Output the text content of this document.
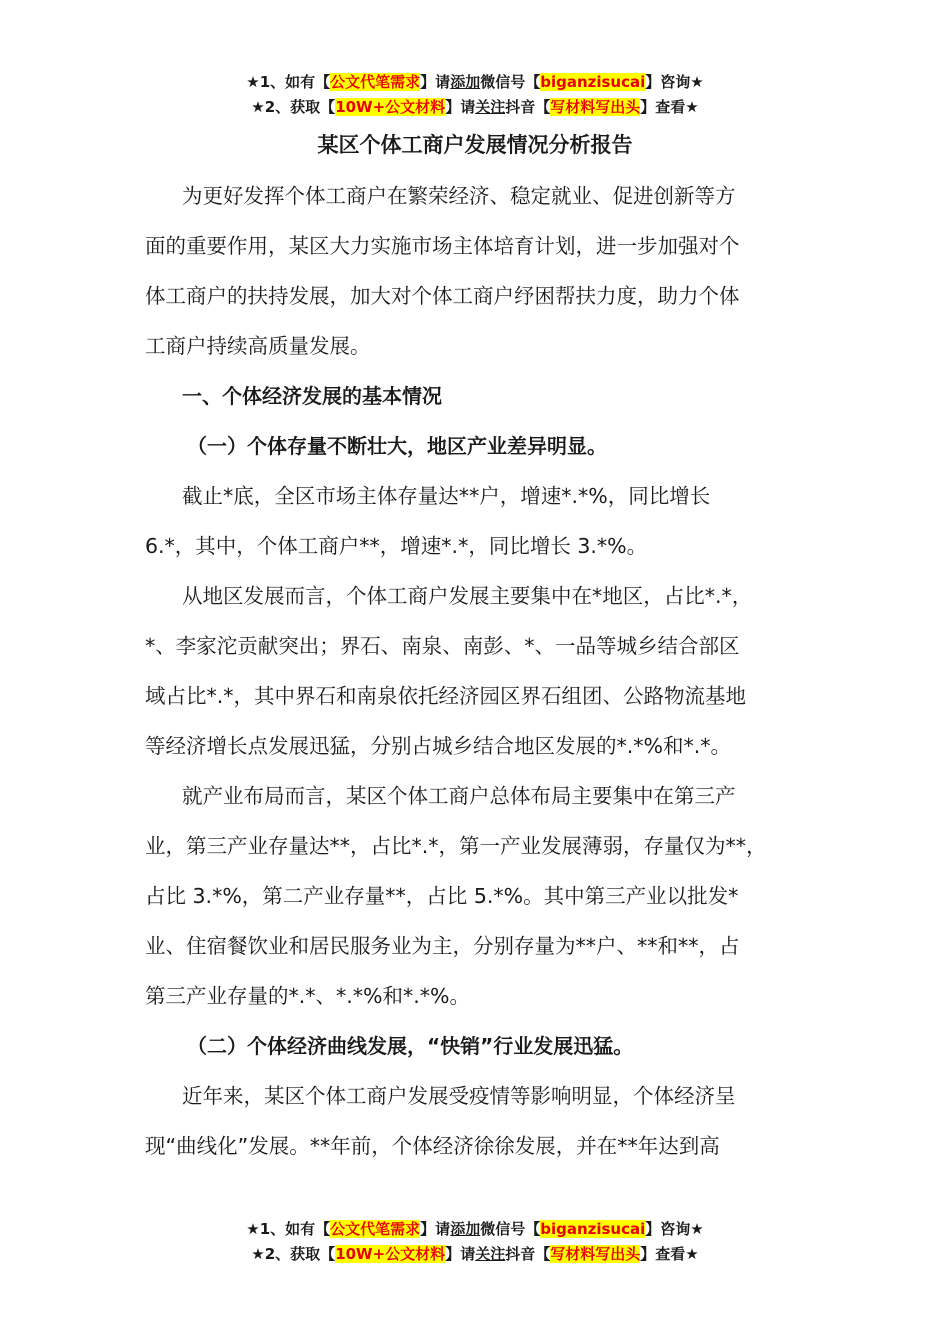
★1、如有【公文代笔需求】请添加微信号【biganzisucai】咨询★
★2、获取【10W+公文材料】请关注抖音【写材料写出头】查看★
某区个体工商户发展情况分析报告
为更好发挥个体工商户在繁荣经济、稳定就业、促进创新等方
面的重要作用，某区大力实施市场主体培育计划，进一步加强对个
体工商户的扶持发展，加大对个体工商户纾困帮扶力度，助力个体
工商户持续高质量发展。
一、个体经济发展的基本情况
（一）个体存量不断壮大，地区产业差异明显。
截止*底，全区市场主体存量达**户，增速*.*%，同比增长
6.*，其中，个体工商户**，增速*.*，同比增长 3.*%。
从地区发展而言，个体工商户发展主要集中在*地区，占比*.*，
*、李家沱贡献突出；界石、南泉、南彭、*、一品等城乡结合部区
域占比*.*，其中界石和南泉依托经济园区界石组团、公路物流基地
等经济增长点发展迅猛，分别占城乡结合地区发展的*.*%和*.*。
就产业布局而言，某区个体工商户总体布局主要集中在第三产
业，第三产业存量达**，占比*.*，第一产业发展薄弱，存量仅为**，
占比 3.*%，第二产业存量**，占比 5.*%。其中第三产业以批发*
业、住宿餐饮业和居民服务业为主，分别存量为**户、**和**，占
第三产业存量的*.*、*.*%和*.*%。
（二）个体经济曲线发展，“快销”行业发展迅猛。
近年来，某区个体工商户发展受疫情等影响明显，个体经济呈
现“曲线化”发展。**年前，个体经济徐徐发展，并在**年达到高
★1、如有【公文代笔需求】请添加微信号【biganzisucai】咨询★
★2、获取【10W+公文材料】请关注抖音【写材料写出头】查看★
